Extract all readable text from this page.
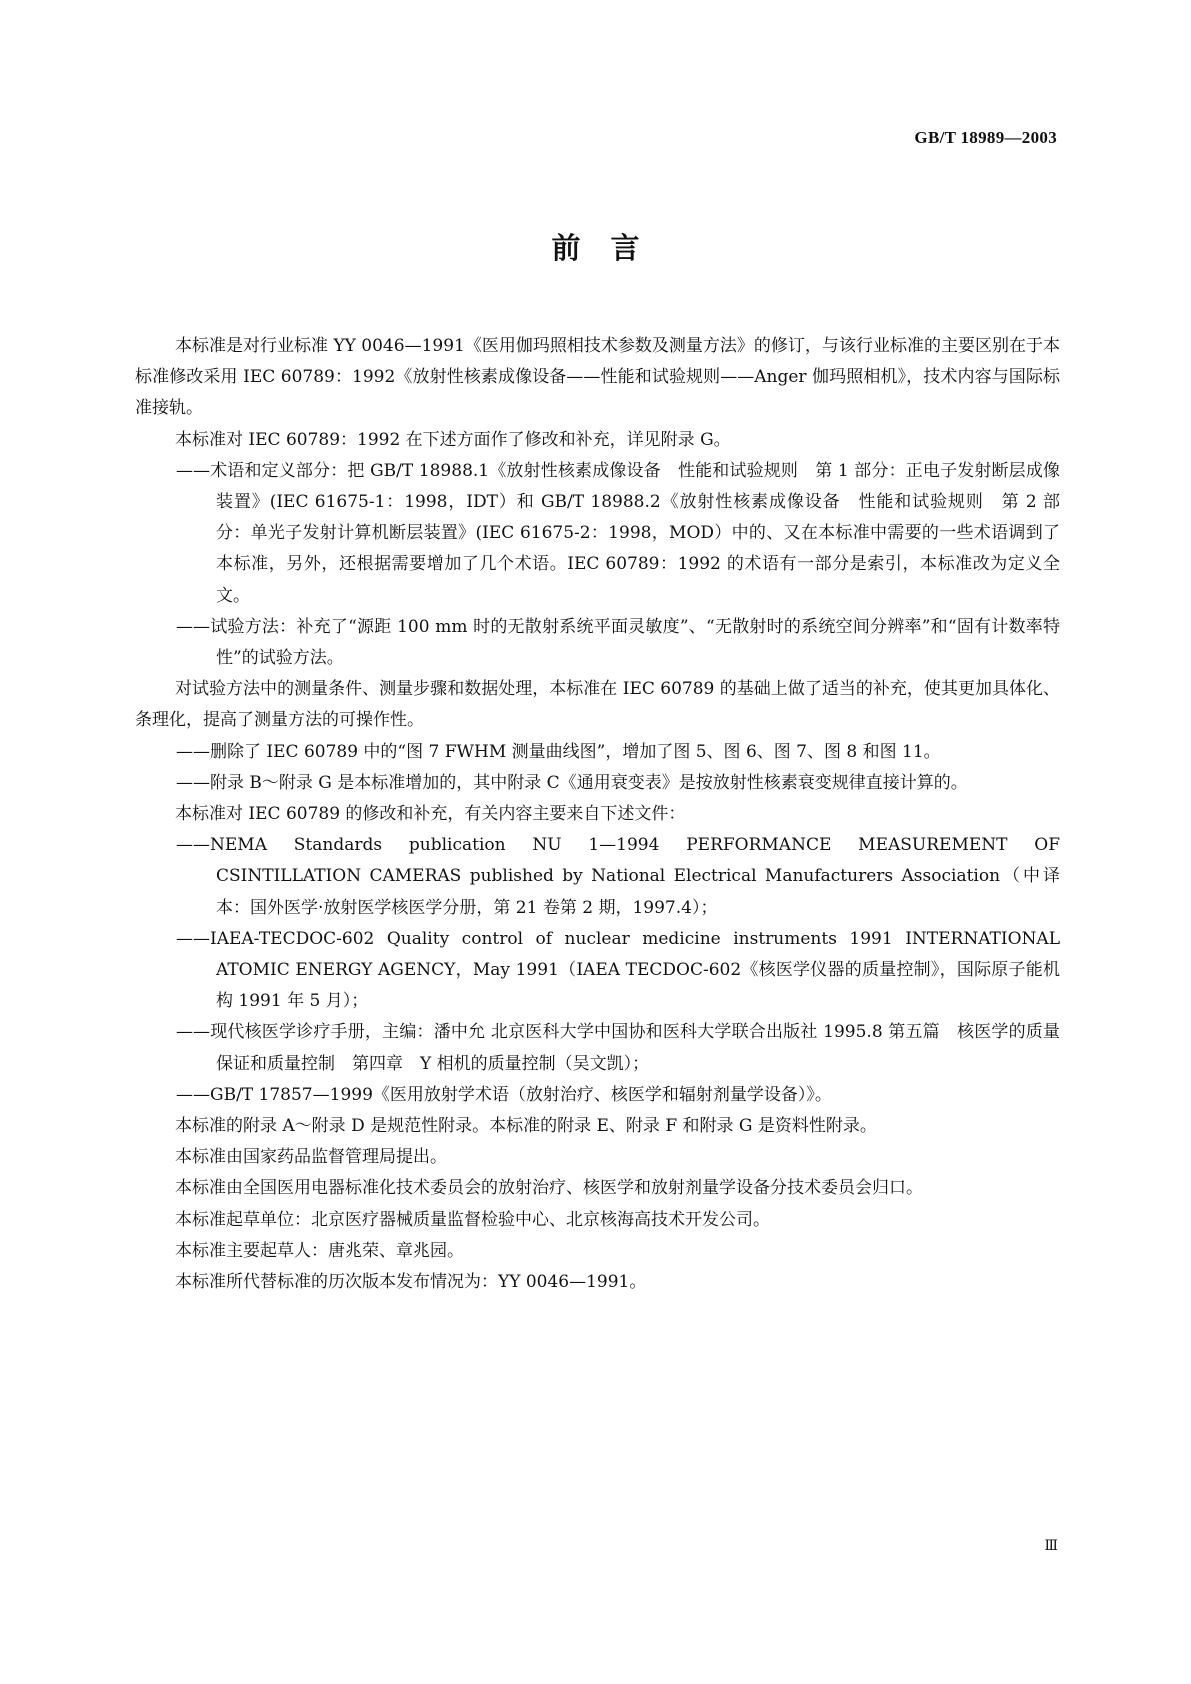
GB/T 18989—2003
前言

本标准是对行业标准 YY 0046—1991《医用伽玛照相技术参数及测量方法》的修订，与该行业标准的主要区别在于本标准修改采用 IEC 60789：1992《放射性核素成像设备——性能和试验规则——Anger 伽玛照相机》，技术内容与国际标准接轨。

本标准对 IEC 60789：1992 在下述方面作了修改和补充，详见附录 G。

——术语和定义部分：把 GB/T 18988.1《放射性核素成像设备　性能和试验规则　第 1 部分：正电子发射断层成像装置》(IEC 61675-1：1998，IDT）和 GB/T 18988.2《放射性核素成像设备　性能和试验规则　第 2 部分：单光子发射计算机断层装置》(IEC 61675-2：1998，MOD）中的、又在本标准中需要的一些术语调到了本标准，另外，还根据需要增加了几个术语。IEC 60789：1992 的术语有一部分是索引，本标准改为定义全文。

——试验方法：补充了“源距 100 mm 时的无散射系统平面灵敏度”、“无散射时的系统空间分辨率”和“固有计数率特性”的试验方法。

对试验方法中的测量条件、测量步骤和数据处理，本标准在 IEC 60789 的基础上做了适当的补充，使其更加具体化、条理化，提高了测量方法的可操作性。

——删除了 IEC 60789 中的“图 7 FWHM 测量曲线图”，增加了图 5、图 6、图 7、图 8 和图 11。

——附录 B～附录 G 是本标准增加的，其中附录 C《通用衰变表》是按放射性核素衰变规律直接计算的。

本标准对 IEC 60789 的修改和补充，有关内容主要来自下述文件：

——NEMA Standards publication NU 1—1994 PERFORMANCE MEASUREMENT OF CSINTILLATION CAMERAS published by National Electrical Manufacturers Association（中译本：国外医学·放射医学核医学分册，第 21 卷第 2 期，1997.4）；

——IAEA-TECDOC-602 Quality control of nuclear medicine instruments 1991 INTERNATIONAL ATOMIC ENERGY AGENCY，May 1991（IAEA TECDOC-602《核医学仪器的质量控制》，国际原子能机构 1991 年 5 月）；

——现代核医学诊疗手册，主编：潘中允 北京医科大学中国协和医科大学联合出版社 1995.8 第五篇　核医学的质量保证和质量控制　第四章　Y 相机的质量控制（吴文凯）；

——GB/T 17857—1999《医用放射学术语（放射治疗、核医学和辐射剂量学设备）》。

本标准的附录 A～附录 D 是规范性附录。本标准的附录 E、附录 F 和附录 G 是资料性附录。

本标准由国家药品监督管理局提出。

本标准由全国医用电器标准化技术委员会的放射治疗、核医学和放射剂量学设备分技术委员会归口。

本标准起草单位：北京医疗器械质量监督检验中心、北京核海高技术开发公司。

本标准主要起草人：唐兆荣、章兆园。

本标准所代替标准的历次版本发布情况为：YY 0046—1991。

Ⅲ
